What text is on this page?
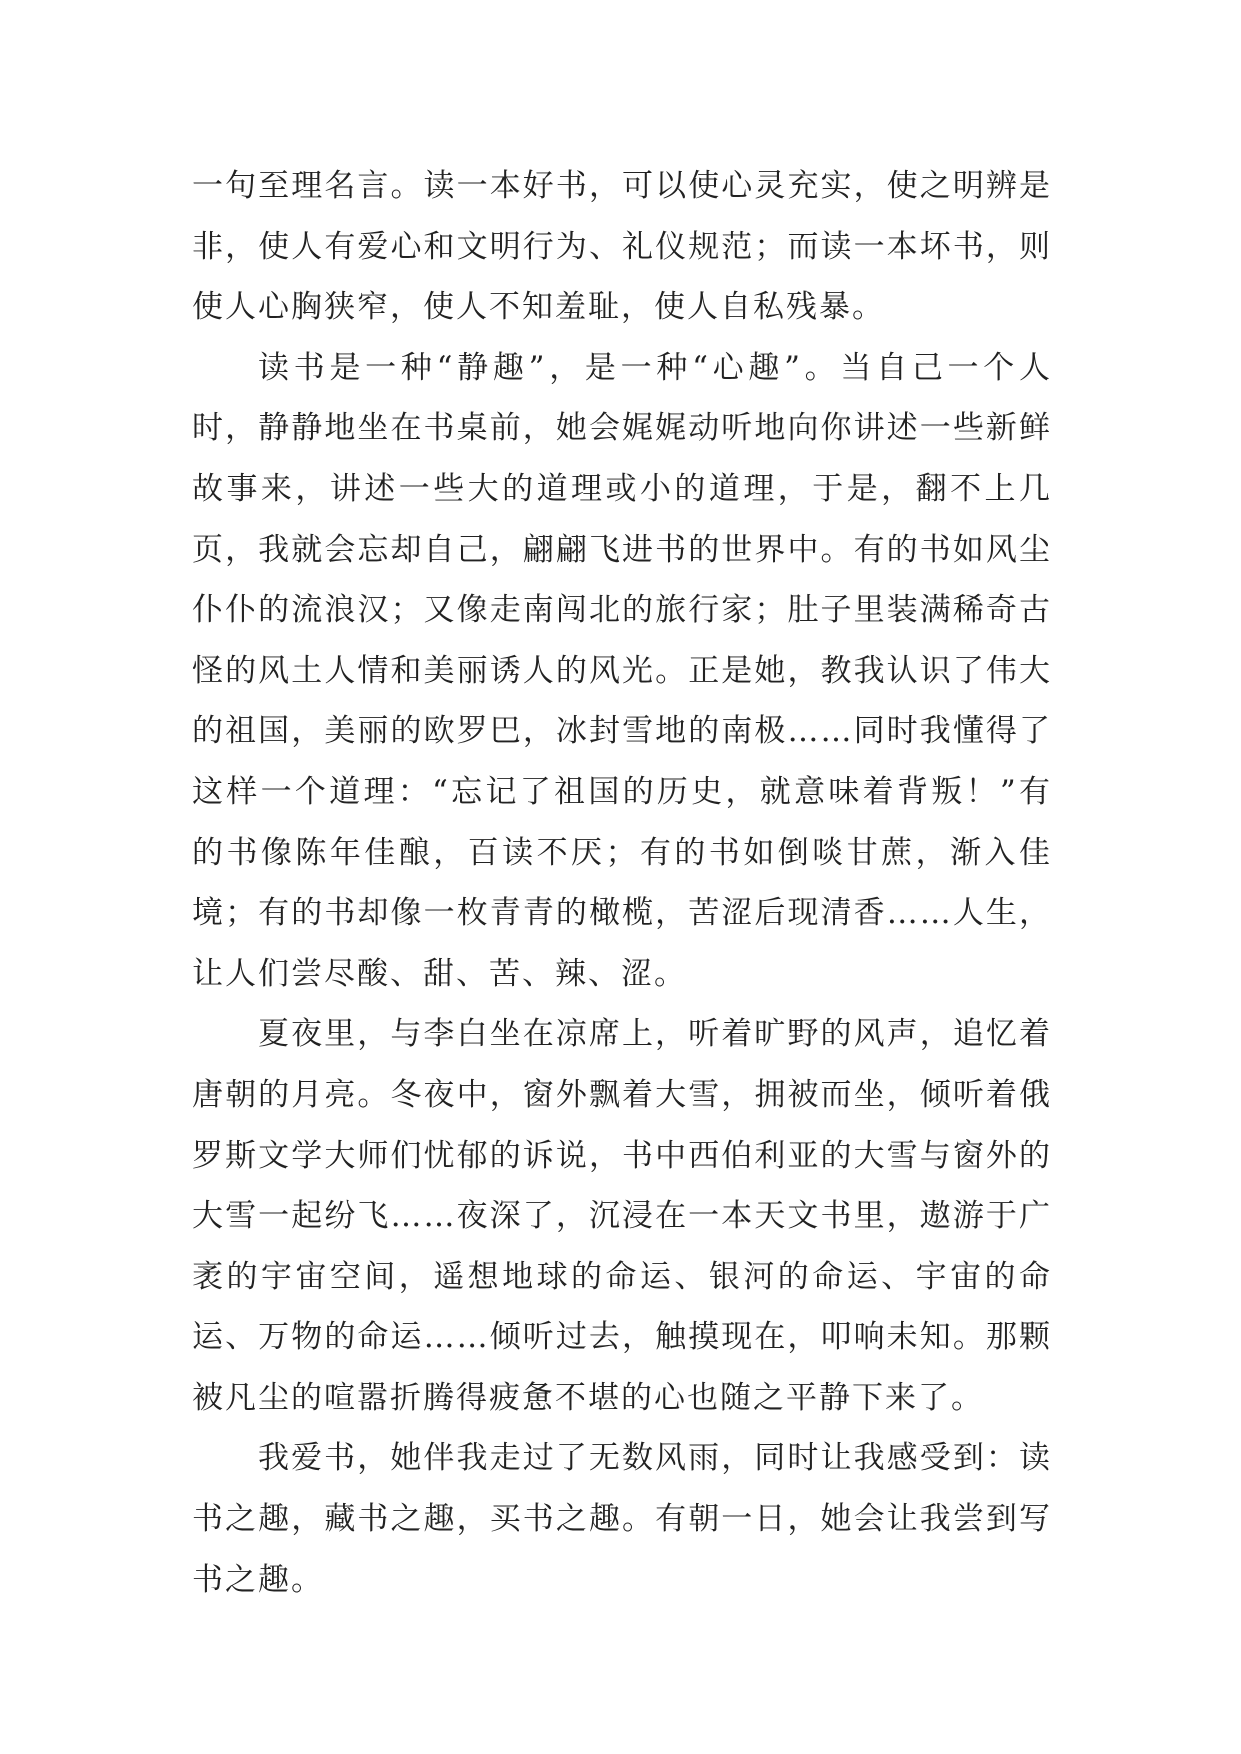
一句至理名言。读一本好书，可以使心灵充实，使之明辨是非，使人有爱心和文明行为、礼仪规范；而读一本坏书，则使人心胸狭窄，使人不知羞耻，使人自私残暴。

读书是一种“静趣”，是一种“心趣”。当自己一个人时，静静地坐在书桌前，她会娓娓动听地向你讲述一些新鲜故事来，讲述一些大的道理或小的道理，于是，翻不上几页，我就会忘却自己，翩翩飞进书的世界中。有的书如风尘仆仆的流浪汉；又像走南闯北的旅行家；肚子里装满稀奇古怪的风土人情和美丽诱人的风光。正是她，教我认识了伟大的祖国，美丽的欧罗巴，冰封雪地的南极……同时我懂得了这样一个道理：“忘记了祖国的历史，就意味着背叛！”有的书像陈年佳酿，百读不厌；有的书如倒啖甘蔗，渐入佳境；有的书却像一枚青青的橄榄，苦涩后现清香……人生，让人们尝尽酸、甜、苦、辣、涩。

夏夜里，与李白坐在凉席上，听着旷野的风声，追忆着唐朝的月亮。冬夜中，窗外飘着大雪，拥被而坐，倾听着俄罗斯文学大师们忧郁的诉说，书中西伯利亚的大雪与窗外的大雪一起纷飞……夜深了，沉浸在一本天文书里，遨游于广袤的宇宙空间，遥想地球的命运、银河的命运、宇宙的命运、万物的命运……倾听过去，触摸现在，叩响未知。那颗被凡尘的喧嚣折腾得疲惫不堪的心也随之平静下来了。

我爱书，她伴我走过了无数风雨，同时让我感受到：读书之趣，藏书之趣，买书之趣。有朝一日，她会让我尝到写书之趣。
